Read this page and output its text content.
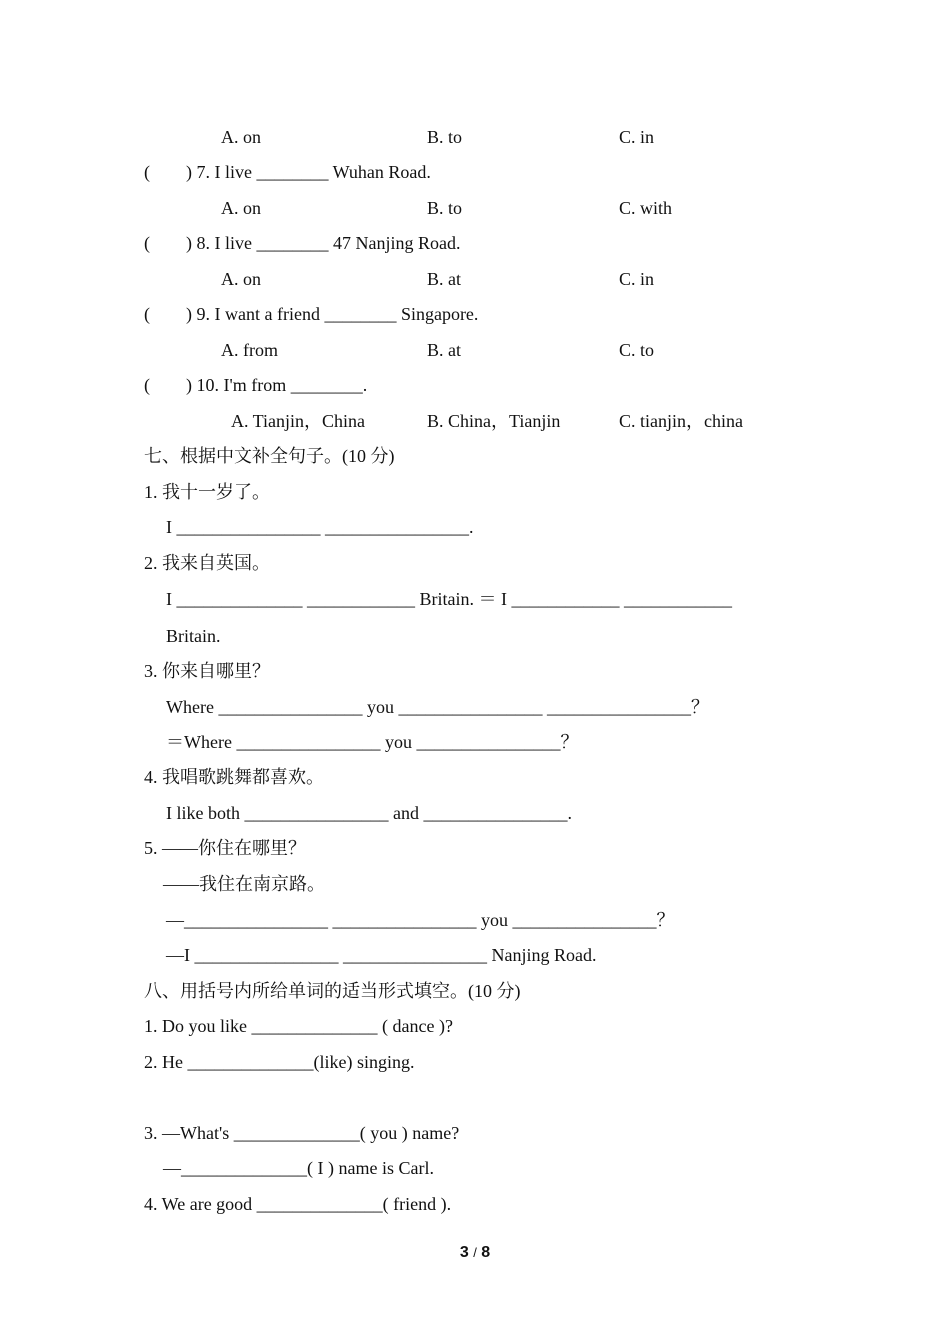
A. on	B. to	C. in
(        ) 7. I live ________ Wuhan Road.
A. on	B. to	C. with
(        ) 8. I live ________ 47 Nanjing Road.
A. on	B. at	C. in
(        ) 9. I want a friend ________ Singapore.
A. from	B. at	C. to
(        ) 10. I'm from ________.
A. Tianjin，China	B. China，Tianjin	C. tianjin，china
七、根据中文补全句子。(10 分)
1. 我十一岁了。
I ________________ ________________.
2. 我来自英国。
I ______________ ____________ Britain. ＝ I ____________ ____________
Britain.
3. 你来自哪里？
Where ________________ you ________________ ________________？
＝Where ________________ you ________________？
4. 我唱歌跳舞都喜欢。
I like both ________________ and ________________.
5. ——你住在哪里？
——我住在南京路。
—________________ ________________ you ________________？
—I ________________ ________________ Nanjing Road.
八、用括号内所给单词的适当形式填空。(10 分)
1. Do you like ______________ ( dance )?
2. He ______________(like) singing.
3. —What's ______________( you ) name?
—______________( I ) name is Carl.
4. We are good ______________( friend ).
3 / 8
